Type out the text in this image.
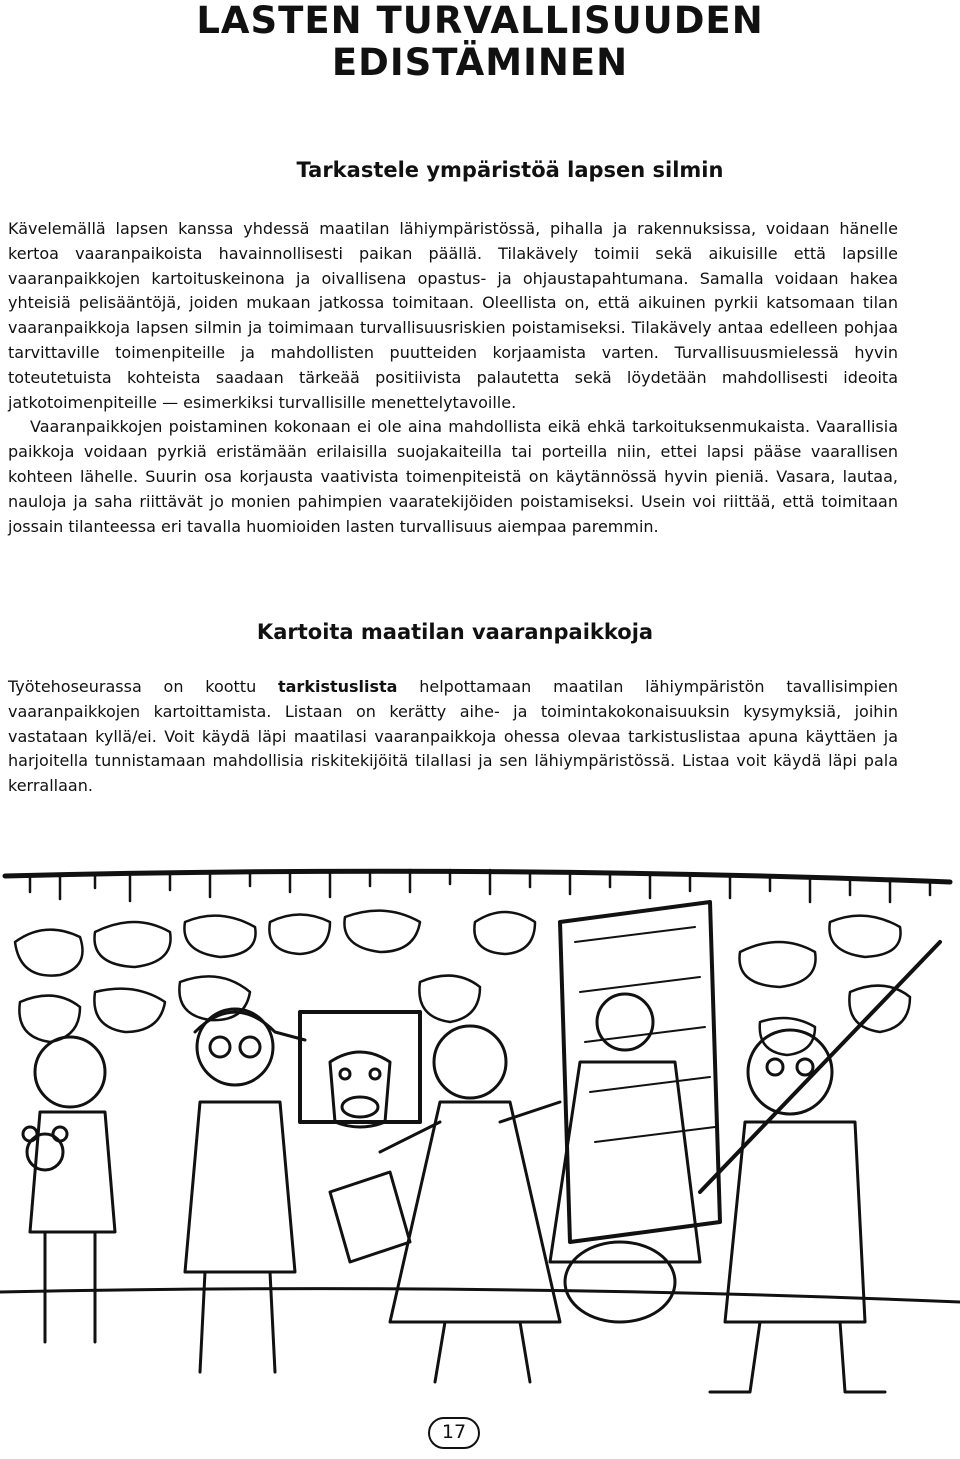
LASTEN TURVALLISUUDEN
EDISTÄMINEN
Tarkastele ympäristöä lapsen silmin

Kävelemällä lapsen kanssa yhdessä maatilan lähiympäristössä, pihalla ja rakennuksissa, voidaan hänelle kertoa vaaranpaikoista havainnollisesti paikan päällä. Tilakävely toimii sekä aikuisille että lapsille vaaranpaikkojen kartoituskeinona ja oivallisena opastus- ja ohjaustapahtumana. Samalla voidaan hakea yhteisiä pelisääntöjä, joiden mukaan jatkossa toimitaan. Oleellista on, että aikuinen pyrkii katsomaan tilan vaaranpaikkoja lapsen silmin ja toimimaan turvallisuusriskien poistamiseksi. Tilakävely antaa edelleen pohjaa tarvittaville toimenpiteille ja mahdollisten puutteiden korjaamista varten. Turvallisuusmielessä hyvin toteutetuista kohteista saadaan tärkeää positiivista palautetta sekä löydetään mahdollisesti ideoita jatkotoimenpiteille — esimerkiksi turvallisille menettelytavoille.

Vaaranpaikkojen poistaminen kokonaan ei ole aina mahdollista eikä ehkä tarkoituksenmukaista. Vaarallisia paikkoja voidaan pyrkiä eristämään erilaisilla suojakaiteilla tai porteilla niin, ettei lapsi pääse vaarallisen kohteen lähelle. Suurin osa korjausta vaativista toimenpiteistä on käytännössä hyvin pieniä. Vasara, lautaa, nauloja ja saha riittävät jo monien pahimpien vaaratekijöiden poistamiseksi. Usein voi riittää, että toimitaan jossain tilanteessa eri tavalla huomioiden lasten turvallisuus aiempaa paremmin.

Kartoita maatilan vaaranpaikkoja

Työtehoseurassa on koottu tarkistuslista helpottamaan maatilan lähiympäristön tavallisimpien vaaranpaikkojen kartoittamista. Listaan on kerätty aihe- ja toimintakokonaisuuksin kysymyksiä, joihin vastataan kyllä/ei. Voit käydä läpi maatilasi vaaranpaikkoja ohessa olevaa tarkistuslistaa apuna käyttäen ja harjoitella tunnistamaan mahdollisia riskitekijöitä tilallasi ja sen lähiympäristössä. Listaa voit käydä läpi pala kerrallaan.

17
